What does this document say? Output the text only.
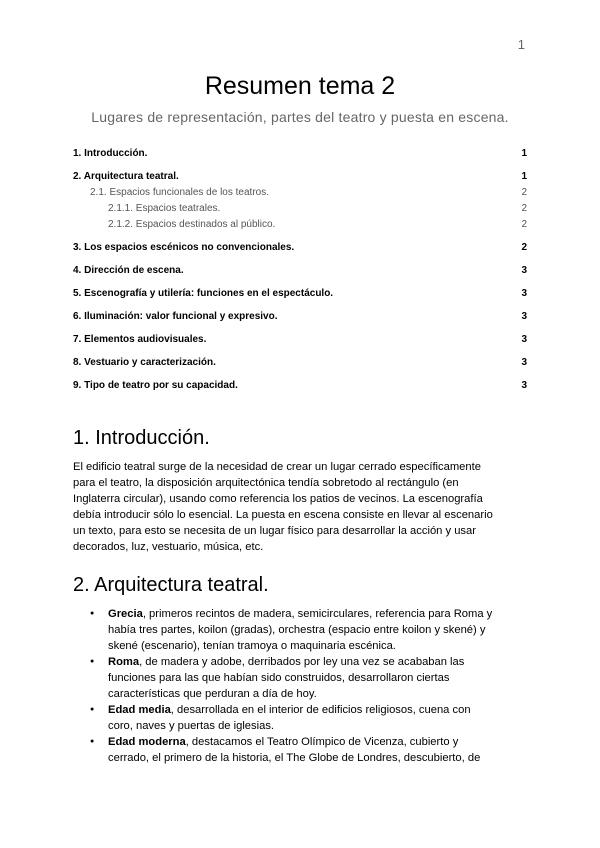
1
Resumen tema 2
Lugares de representación, partes del teatro y puesta en escena.
1. Introducción.	1
2. Arquitectura teatral.	1
2.1. Espacios funcionales de los teatros.	2
2.1.1. Espacios teatrales.	2
2.1.2. Espacios destinados al público.	2
3. Los espacios escénicos no convencionales.	2
4. Dirección de escena.	3
5. Escenografía y utilería: funciones en el espectáculo.	3
6. Iluminación: valor funcional y expresivo.	3
7. Elementos audiovisuales.	3
8. Vestuario y caracterización.	3
9. Tipo de teatro por su capacidad.	3
1. Introducción.
El edificio teatral surge de la necesidad de crear un lugar cerrado específicamente
para el teatro, la disposición arquitectónica tendía sobretodo al rectángulo (en
Inglaterra circular), usando como referencia los patios de vecinos. La escenografía
debía introducir sólo lo esencial. La puesta en escena consiste en llevar al escenario
un texto, para esto se necesita de un lugar físico para desarrollar la acción y usar
decorados, luz, vestuario, música, etc.
2. Arquitectura teatral.
● Grecia, primeros recintos de madera, semicirculares, referencia para Roma y
había tres partes, koilon (gradas), orchestra (espacio entre koilon y skené) y
skené (escenario), tenían tramoya o maquinaria escénica.
● Roma, de madera y adobe, derribados por ley una vez se acababan las
funciones para las que habían sido construidos, desarrollaron ciertas
características que perduran a día de hoy.
● Edad media, desarrollada en el interior de edificios religiosos, cuena con
coro, naves y puertas de iglesias.
● Edad moderna, destacamos el Teatro Olímpico de Vicenza, cubierto y
cerrado, el primero de la historia, el The Globe de Londres, descubierto, de
